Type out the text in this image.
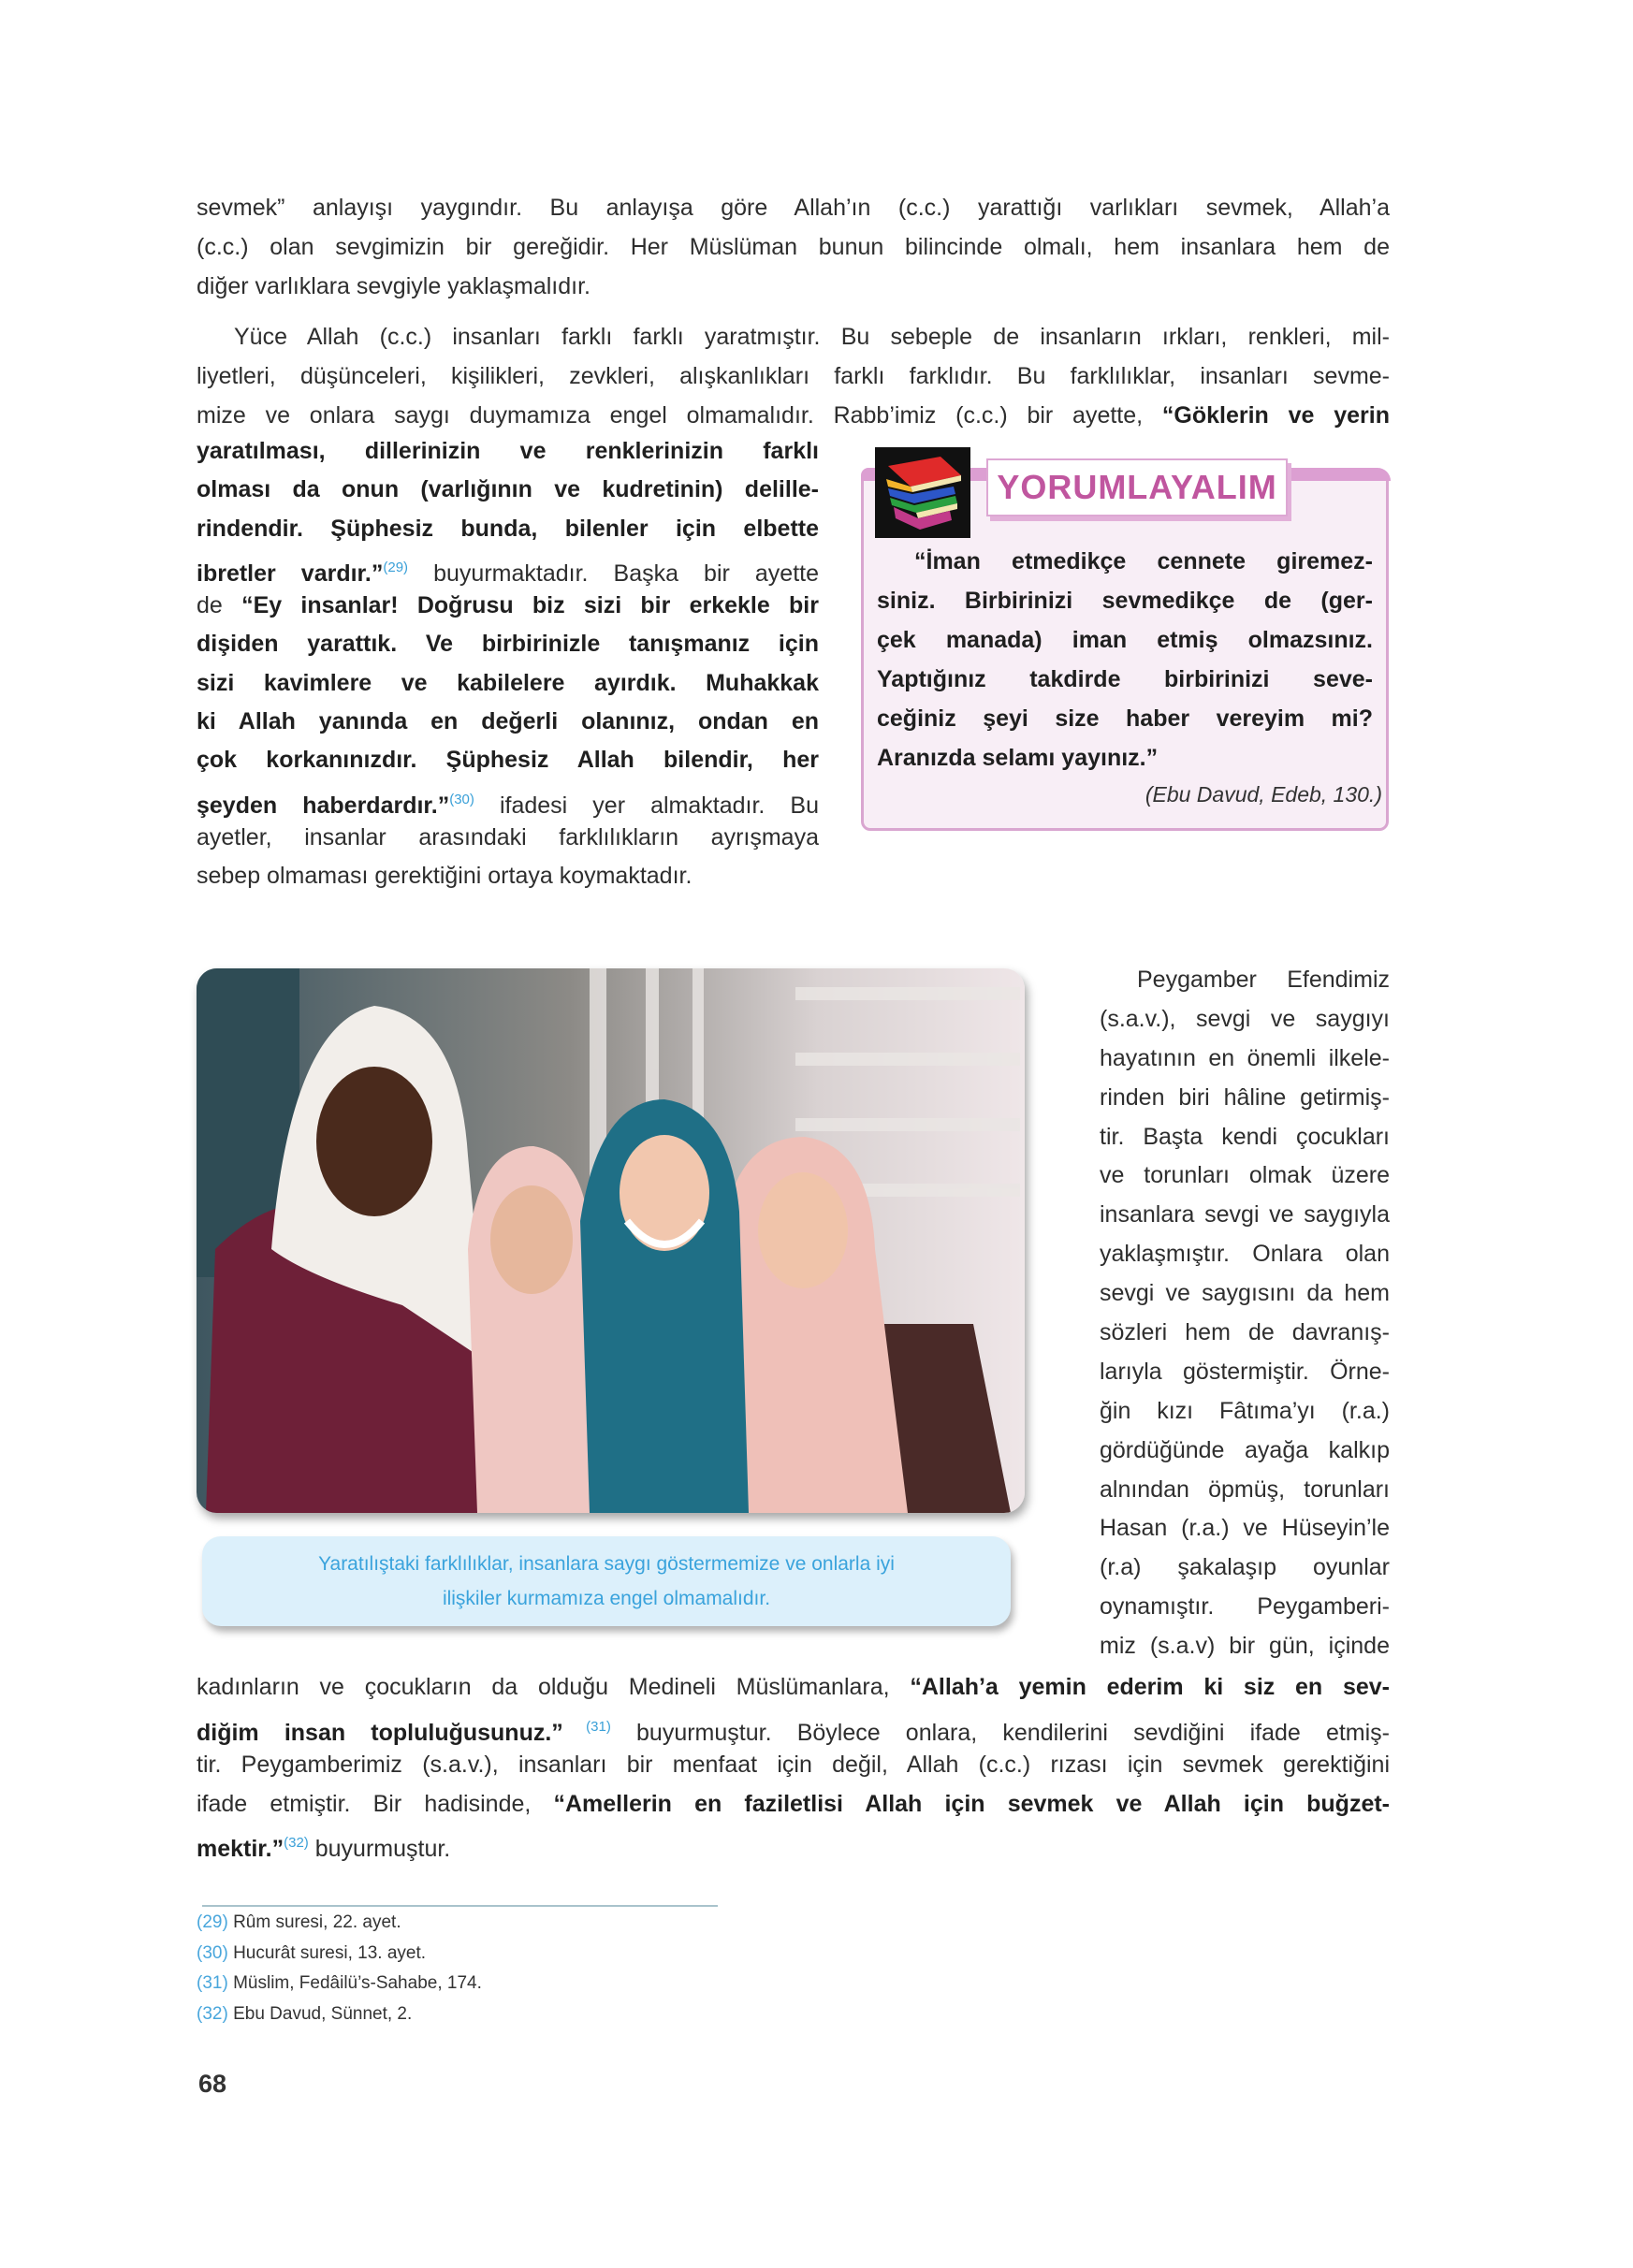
sevmek” anlayışı yaygındır. Bu anlayışa göre Allah’ın (c.c.) yarattığı varlıkları sevmek, Allah’a
(c.c.) olan sevgimizin bir gereğidir. Her Müslüman bunun bilincinde olmalı, hem insanlara hem de
diğer varlıklara sevgiyle yaklaşmalıdır.
Yüce Allah (c.c.) insanları farklı farklı yaratmıştır. Bu sebeple de insanların ırkları, renkleri, mil-
liyetleri, düşünceleri, kişilikleri, zevkleri, alışkanlıkları farklı farklıdır. Bu farklılıklar, insanları sevme-
mize ve onlara saygı duymamıza engel olmamalıdır. Rabb’imiz (c.c.) bir ayette, “Göklerin ve yerin
yaratılması, dillerinizin ve renklerinizin farklı
olması da onun (varlığının ve kudretinin) delille-
rindendir. Şüphesiz bunda, bilenler için elbette
ibretler vardır.”$^{(29)}$ buyurmaktadır. Başka bir ayette
de “Ey insanlar! Doğrusu biz sizi bir erkekle bir
dişiden yarattık. Ve birbirinizle tanışmanız için
sizi kavimlere ve kabilelere ayırdık. Muhakkak
ki Allah yanında en değerli olanınız, ondan en
çok korkanınızdır. Şüphesiz Allah bilendir, her
şeyden haberdardır.”$^{(30)}$ ifadesi yer almaktadır. Bu
ayetler, insanlar arasındaki farklılıkların ayrışmaya
sebep olmaması gerektiğini ortaya koymaktadır.
YORUMLAYALIM
“İman etmedikçe cennete giremez-
siniz. Birbirinizi sevmedikçe de (ger-
çek manada) iman etmiş olmazsınız.
Yaptığınız takdirde birbirinizi seve-
ceğiniz şeyi size haber vereyim mi?
Aranızda selamı yayınız.”
(Ebu Davud, Edeb, 130.)
Yaratılıştaki farklılıklar, insanlara saygı göstermemize ve onlarla iyi
ilişkiler kurmamıza engel olmamalıdır.
Peygamber Efendimiz
(s.a.v.), sevgi ve saygıyı
hayatının en önemli ilkele-
rinden biri hâline getirmiş-
tir. Başta kendi çocukları
ve torunları olmak üzere
insanlara sevgi ve saygıyla
yaklaşmıştır. Onlara olan
sevgi ve saygısını da hem
sözleri hem de davranış-
larıyla göstermiştir. Örne-
ğin kızı Fâtıma’yı (r.a.)
gördüğünde ayağa kalkıp
alnından öpmüş, torunları
Hasan (r.a.) ve Hüseyin’le
(r.a) şakalaşıp oyunlar
oynamıştır. Peygamberi-
miz (s.a.v) bir gün, içinde
kadınların ve çocukların da olduğu Medineli Müslümanlara, “Allah’a yemin ederim ki siz en sev-
diğim insan topluluğusunuz.” $^{(31)}$ buyurmuştur. Böylece onlara, kendilerini sevdiğini ifade etmiş-
tir. Peygamberimiz (s.a.v.), insanları bir menfaat için değil, Allah (c.c.) rızası için sevmek gerektiğini
ifade etmiştir. Bir hadisinde, “Amellerin en faziletlisi Allah için sevmek ve Allah için buğzet-
mektir.”$^{(32)}$ buyurmuştur.
(29) Rûm suresi, 22. ayet.
(30) Hucurât suresi, 13. ayet.
(31) Müslim, Fedâilü’s-Sahabe, 174.
(32) Ebu Davud, Sünnet, 2.
68
